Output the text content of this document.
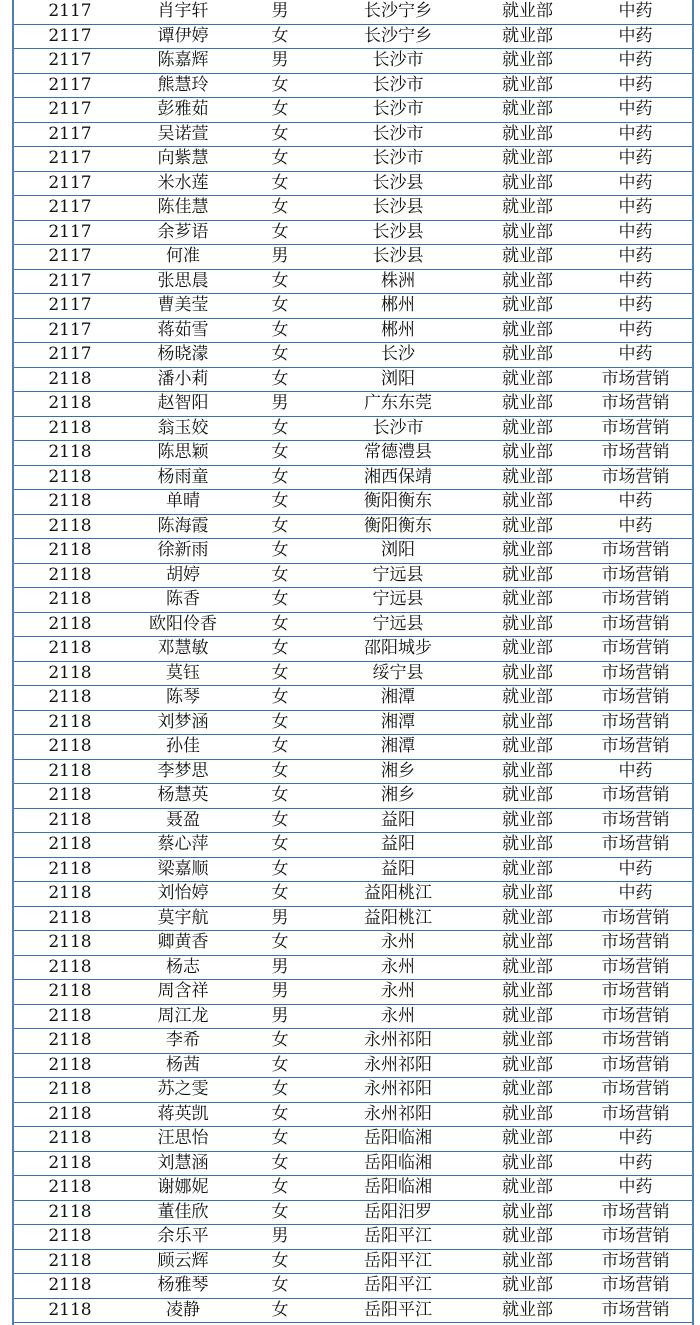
2117	肖宇轩	男	长沙宁乡	就业部	中药
2117	谭伊婷	女	长沙宁乡	就业部	中药
2117	陈嘉辉	男	长沙市	就业部	中药
2117	熊慧玲	女	长沙市	就业部	中药
2117	彭雅茹	女	长沙市	就业部	中药
2117	吴诺萱	女	长沙市	就业部	中药
2117	向紫慧	女	长沙市	就业部	中药
2117	米水莲	女	长沙县	就业部	中药
2117	陈佳慧	女	长沙县	就业部	中药
2117	余芗语	女	长沙县	就业部	中药
2117	何准	男	长沙县	就业部	中药
2117	张思晨	女	株洲	就业部	中药
2117	曹美莹	女	郴州	就业部	中药
2117	蒋茹雪	女	郴州	就业部	中药
2117	杨晓濛	女	长沙	就业部	中药
2118	潘小莉	女	浏阳	就业部	市场营销
2118	赵智阳	男	广东东莞	就业部	市场营销
2118	翁玉姣	女	长沙市	就业部	市场营销
2118	陈思颖	女	常德澧县	就业部	市场营销
2118	杨雨童	女	湘西保靖	就业部	市场营销
2118	单晴	女	衡阳衡东	就业部	中药
2118	陈海霞	女	衡阳衡东	就业部	中药
2118	徐新雨	女	浏阳	就业部	市场营销
2118	胡婷	女	宁远县	就业部	市场营销
2118	陈香	女	宁远县	就业部	市场营销
2118	欧阳伶香	女	宁远县	就业部	市场营销
2118	邓慧敏	女	邵阳城步	就业部	市场营销
2118	莫钰	女	绥宁县	就业部	市场营销
2118	陈琴	女	湘潭	就业部	市场营销
2118	刘梦涵	女	湘潭	就业部	市场营销
2118	孙佳	女	湘潭	就业部	市场营销
2118	李梦思	女	湘乡	就业部	中药
2118	杨慧英	女	湘乡	就业部	市场营销
2118	聂盈	女	益阳	就业部	市场营销
2118	蔡心萍	女	益阳	就业部	市场营销
2118	梁嘉顺	女	益阳	就业部	中药
2118	刘怡婷	女	益阳桃江	就业部	中药
2118	莫宇航	男	益阳桃江	就业部	市场营销
2118	卿黄香	女	永州	就业部	市场营销
2118	杨志	男	永州	就业部	市场营销
2118	周含祥	男	永州	就业部	市场营销
2118	周江龙	男	永州	就业部	市场营销
2118	李希	女	永州祁阳	就业部	市场营销
2118	杨茜	女	永州祁阳	就业部	市场营销
2118	苏之雯	女	永州祁阳	就业部	市场营销
2118	蒋英凯	女	永州祁阳	就业部	市场营销
2118	汪思怡	女	岳阳临湘	就业部	中药
2118	刘慧涵	女	岳阳临湘	就业部	中药
2118	谢娜妮	女	岳阳临湘	就业部	中药
2118	董佳欣	女	岳阳汨罗	就业部	市场营销
2118	余乐平	男	岳阳平江	就业部	市场营销
2118	顾云辉	女	岳阳平江	就业部	市场营销
2118	杨雅琴	女	岳阳平江	就业部	市场营销
2118	凌静	女	岳阳平江	就业部	市场营销
